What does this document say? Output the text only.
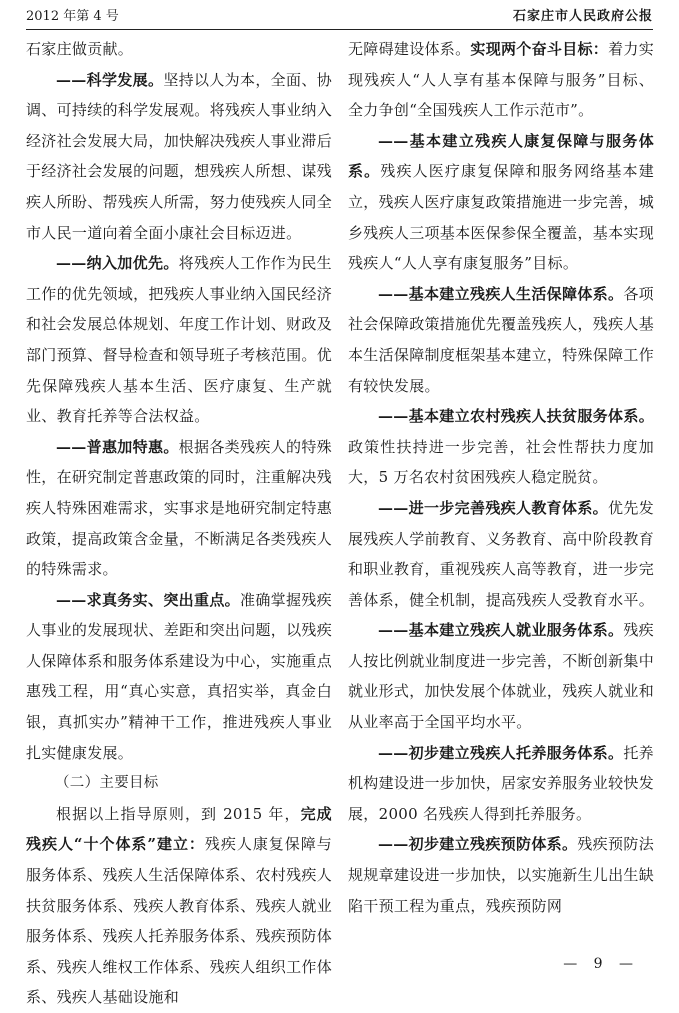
2012 年第 4 号	石家庄市人民政府公报

石家庄做贡献。

——科学发展。坚持以人为本，全面、协调、可持续的科学发展观。将残疾人事业纳入经济社会发展大局，加快解决残疾人事业滞后于经济社会发展的问题，想残疾人所想、谋残疾人所盼、帮残疾人所需，努力使残疾人同全市人民一道向着全面小康社会目标迈进。

——纳入加优先。将残疾人工作作为民生工作的优先领域，把残疾人事业纳入国民经济和社会发展总体规划、年度工作计划、财政及部门预算、督导检查和领导班子考核范围。优先保障残疾人基本生活、医疗康复、生产就业、教育托养等合法权益。

——普惠加特惠。根据各类残疾人的特殊性，在研究制定普惠政策的同时，注重解决残疾人特殊困难需求，实事求是地研究制定特惠政策，提高政策含金量，不断满足各类残疾人的特殊需求。

——求真务实、突出重点。准确掌握残疾人事业的发展现状、差距和突出问题，以残疾人保障体系和服务体系建设为中心，实施重点惠残工程，用“真心实意，真招实举，真金白银，真抓实办”精神干工作，推进残疾人事业扎实健康发展。

（二）主要目标

根据以上指导原则，到 2015 年，完成残疾人“十个体系”建立：残疾人康复保障与服务体系、残疾人生活保障体系、农村残疾人扶贫服务体系、残疾人教育体系、残疾人就业服务体系、残疾人托养服务体系、残疾预防体系、残疾人维权工作体系、残疾人组织工作体系、残疾人基础设施和

无障碍建设体系。实现两个奋斗目标：着力实现残疾人“人人享有基本保障与服务”目标、全力争创“全国残疾人工作示范市”。

——基本建立残疾人康复保障与服务体系。残疾人医疗康复保障和服务网络基本建立，残疾人医疗康复政策措施进一步完善，城乡残疾人三项基本医保参保全覆盖，基本实现残疾人“人人享有康复服务”目标。

——基本建立残疾人生活保障体系。各项社会保障政策措施优先覆盖残疾人，残疾人基本生活保障制度框架基本建立，特殊保障工作有较快发展。

——基本建立农村残疾人扶贫服务体系。政策性扶持进一步完善，社会性帮扶力度加大，5 万名农村贫困残疾人稳定脱贫。

——进一步完善残疾人教育体系。优先发展残疾人学前教育、义务教育、高中阶段教育和职业教育，重视残疾人高等教育，进一步完善体系，健全机制，提高残疾人受教育水平。

——基本建立残疾人就业服务体系。残疾人按比例就业制度进一步完善，不断创新集中就业形式，加快发展个体就业，残疾人就业和从业率高于全国平均水平。

——初步建立残疾人托养服务体系。托养机构建设进一步加快，居家安养服务业较快发展，2000 名残疾人得到托养服务。

——初步建立残疾预防体系。残疾预防法规规章建设进一步加快，以实施新生儿出生缺陷干预工程为重点，残疾预防网

— 9 —
